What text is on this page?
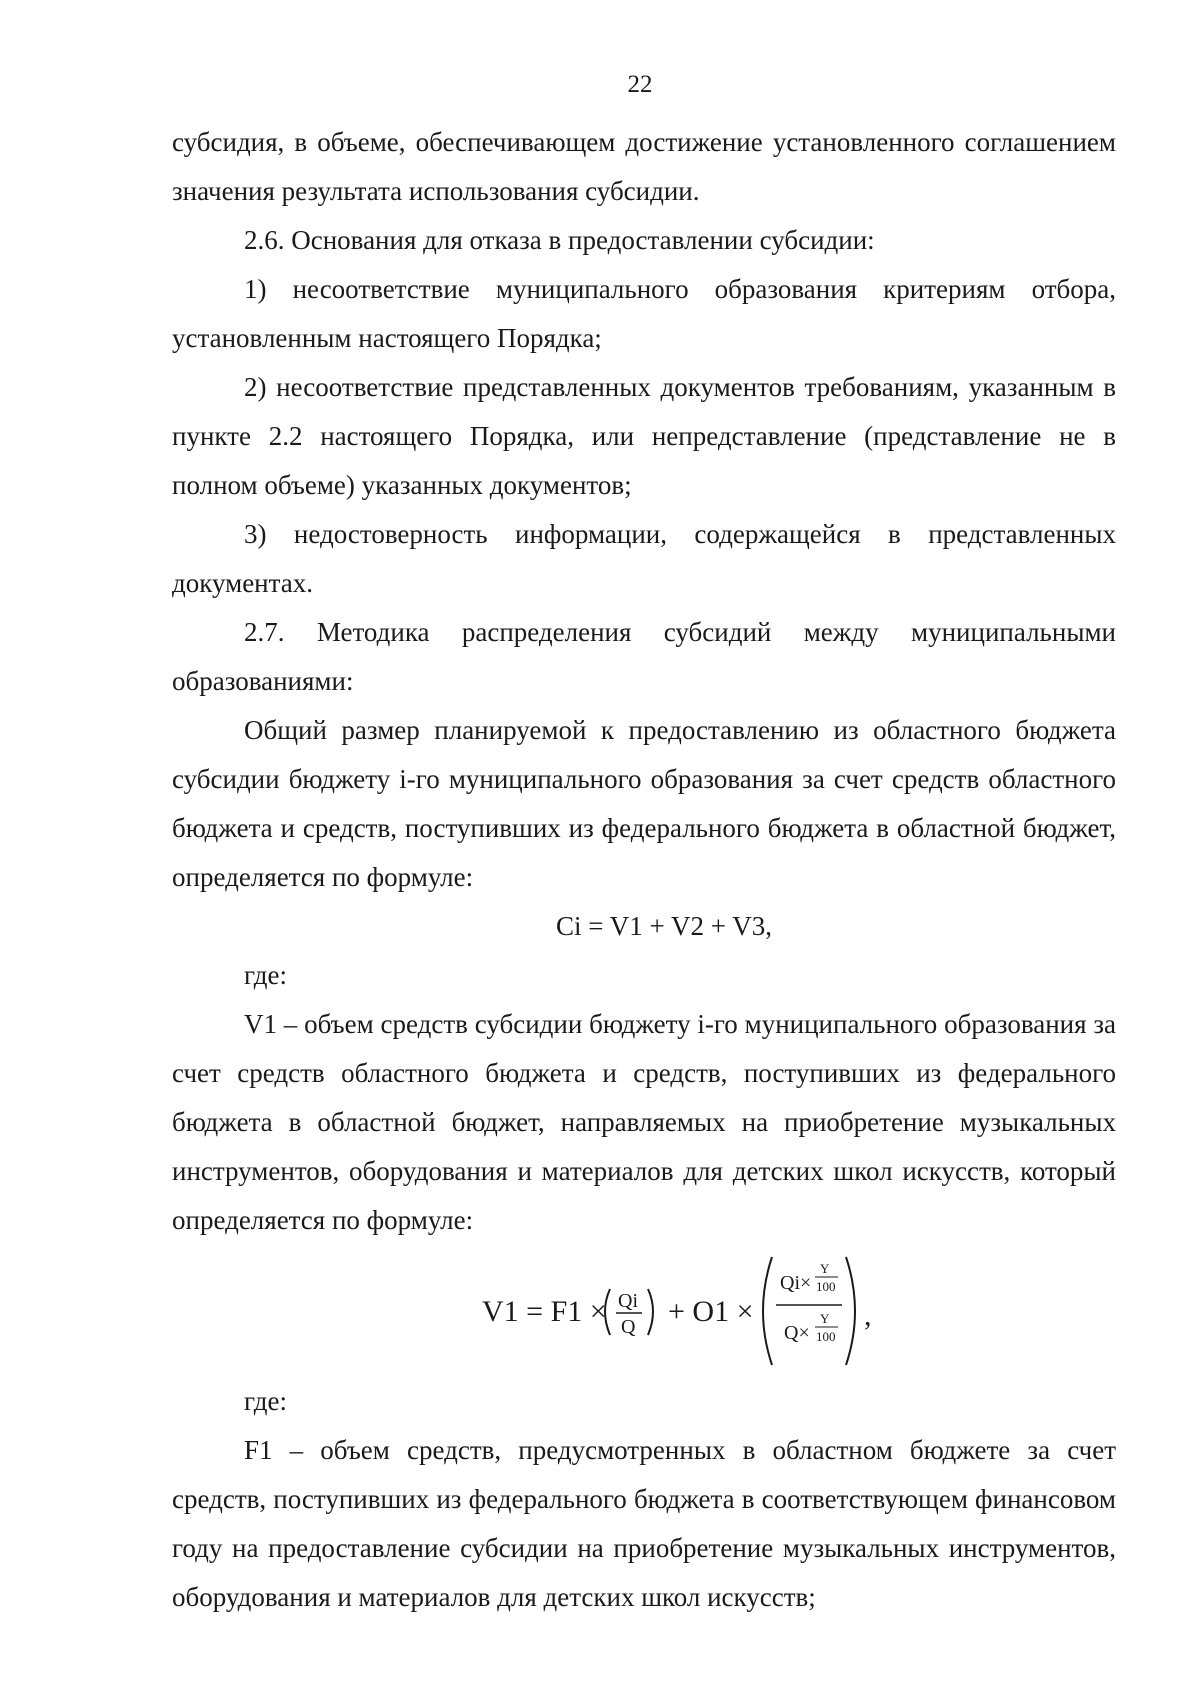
22

субсидия, в объеме, обеспечивающем достижение установленного соглашением значения результата использования субсидии.

2.6. Основания для отказа в предоставлении субсидии:

1) несоответствие муниципального образования критериям отбора, установленным настоящего Порядка;

2) несоответствие представленных документов требованиям, указанным в пункте 2.2 настоящего Порядка, или непредставление (представление не в полном объеме) указанных документов;

3) недостоверность информации, содержащейся в представленных документах.

2.7. Методика распределения субсидий между муниципальными образованиями:

Общий размер планируемой к предоставлению из областного бюджета субсидии бюджету i-го муниципального образования за счет средств областного бюджета и средств, поступивших из федерального бюджета в областной бюджет, определяется по формуле:

Ci = V1 + V2 + V3,

где:

V1 – объем средств субсидии бюджету i-го муниципального образования за счет средств областного бюджета и средств, поступивших из федерального бюджета в областной бюджет, направляемых на приобретение музыкальных инструментов, оборудования и материалов для детских школ искусств, который определяется по формуле:

V1 = F1 × Qi
Q + O1 ×
Qi×
Y
100
Q×
Y
100
,

где:

F1 – объем средств, предусмотренных в областном бюджете за счет средств, поступивших из федерального бюджета в соответствующем финансовом году на предоставление субсидии на приобретение музыкальных инструментов, оборудования и материалов для детских школ искусств;
